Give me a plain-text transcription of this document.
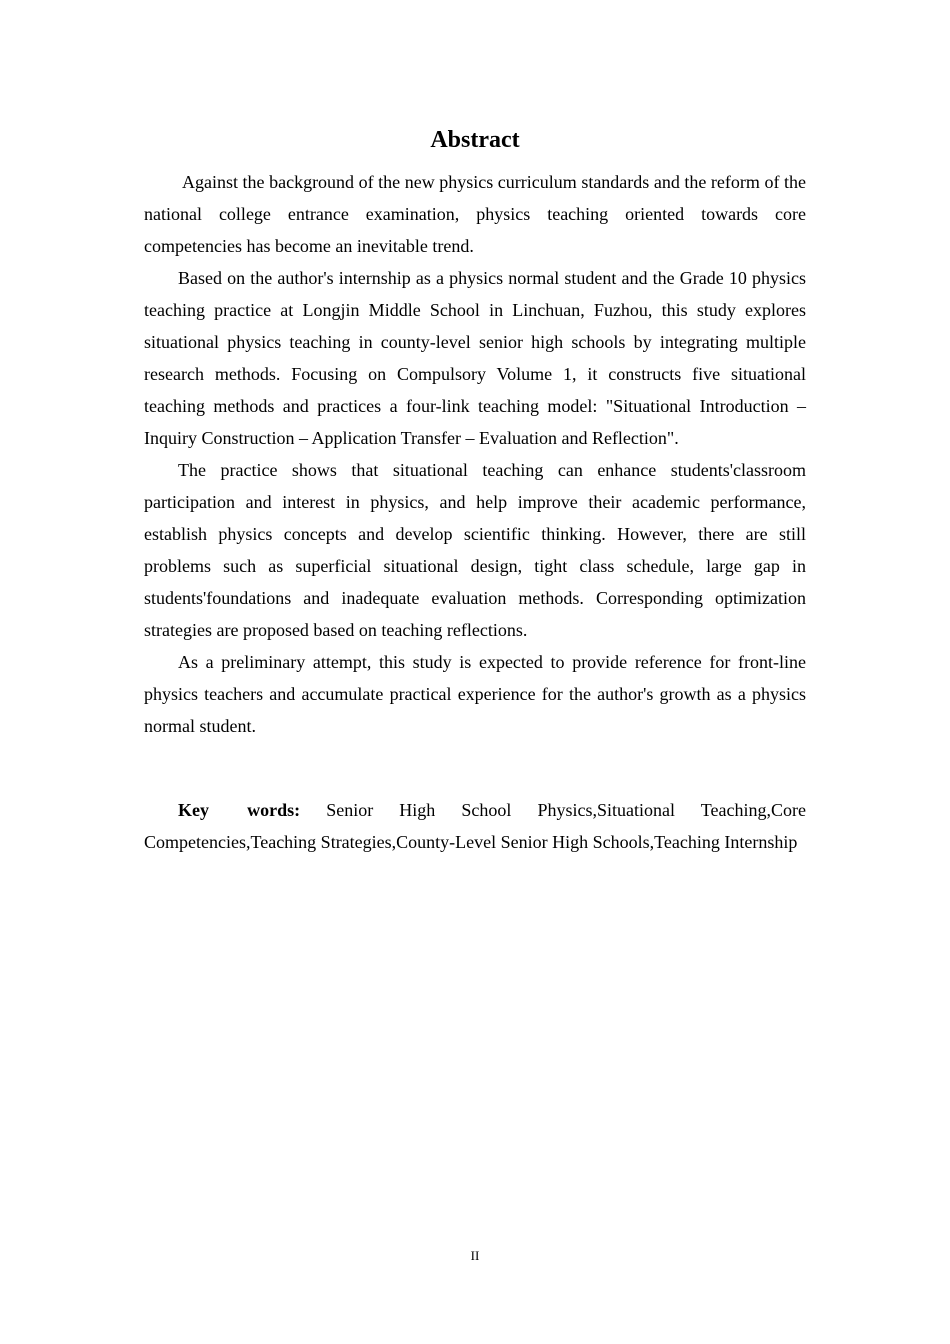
Abstract

Against the background of the new physics curriculum standards and the reform of the national college entrance examination, physics teaching oriented towards core competencies has become an inevitable trend.

Based on the author's internship as a physics normal student and the Grade 10 physics teaching practice at Longjin Middle School in Linchuan, Fuzhou, this study explores situational physics teaching in county-level senior high schools by integrating multiple research methods. Focusing on Compulsory Volume 1, it constructs five situational teaching methods and practices a four-link teaching model: "Situational Introduction – Inquiry Construction – Application Transfer – Evaluation and Reflection".

The practice shows that situational teaching can enhance students'classroom participation and interest in physics, and help improve their academic performance, establish physics concepts and develop scientific thinking. However, there are still problems such as superficial situational design, tight class schedule, large gap in students'foundations and inadequate evaluation methods. Corresponding optimization strategies are proposed based on teaching reflections.

As a preliminary attempt, this study is expected to provide reference for front-line physics teachers and accumulate practical experience for the author's growth as a physics normal student.

Key words: Senior High School Physics,Situational Teaching,Core Competencies,Teaching Strategies,County-Level Senior High Schools,Teaching Internship

II
